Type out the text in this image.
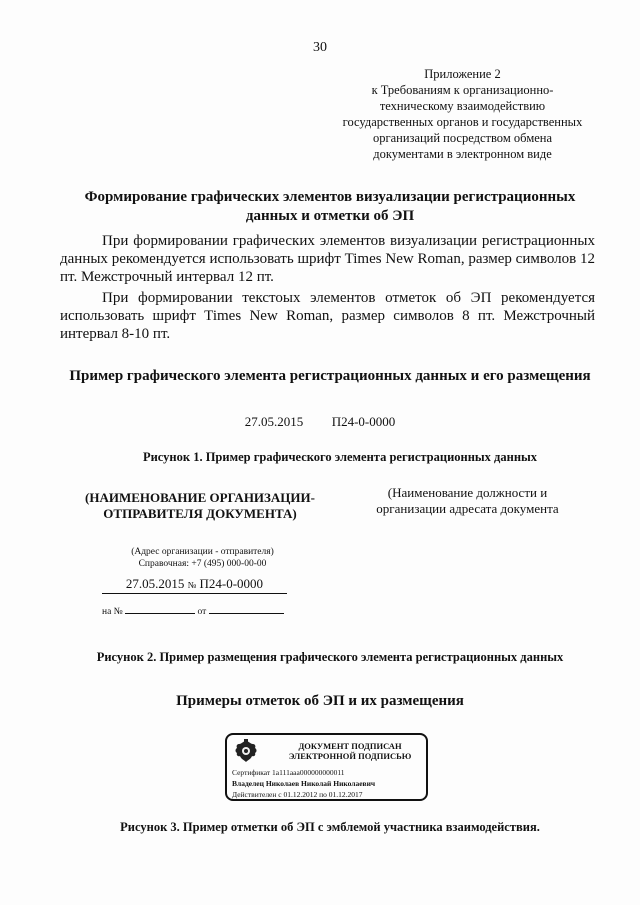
30
Приложение 2
к Требованиям к организационно-
техническому взаимодействию
государственных органов и государственных
организаций посредством обмена
документами в электронном виде
Формирование графических элементов визуализации регистрационных
данных и отметки об ЭП
При формировании графических элементов визуализации регистрационных данных рекомендуется использовать шрифт Times New Roman, размер символов 12 пт. Межстрочный интервал 12 пт.
При формировании текстоых элементов отметок об ЭП рекомендуется использовать шрифт Times New Roman, размер символов 8 пт. Межстрочный интервал 8-10 пт.
Пример графического элемента регистрационных данных и его размещения
27.05.2015 П24-0-0000
Рисунок 1. Пример графического элемента регистрационных данных
(НАИМЕНОВАНИЕ ОРГАНИЗАЦИИ-
ОТПРАВИТЕЛЯ ДОКУМЕНТА)
(Наименование должности и
организации адресата документа
(Адрес организации - отправителя)
Справочная: +7 (495) 000-00-00
27.05.2015 № П24-0-0000
на №	от
Рисунок 2. Пример размещения графического элемента регистрационных данных
Примеры отметок об ЭП и их размещения
ДОКУМЕНТ ПОДПИСАН
ЭЛЕКТРОННОЙ ПОДПИСЬЮ
Сертификат 1a111aaa000000000011
Владелец Николаев Николай Николаевич
Действителен с 01.12.2012 по 01.12.2017
Рисунок 3. Пример отметки об ЭП с эмблемой участника взаимодействия.
